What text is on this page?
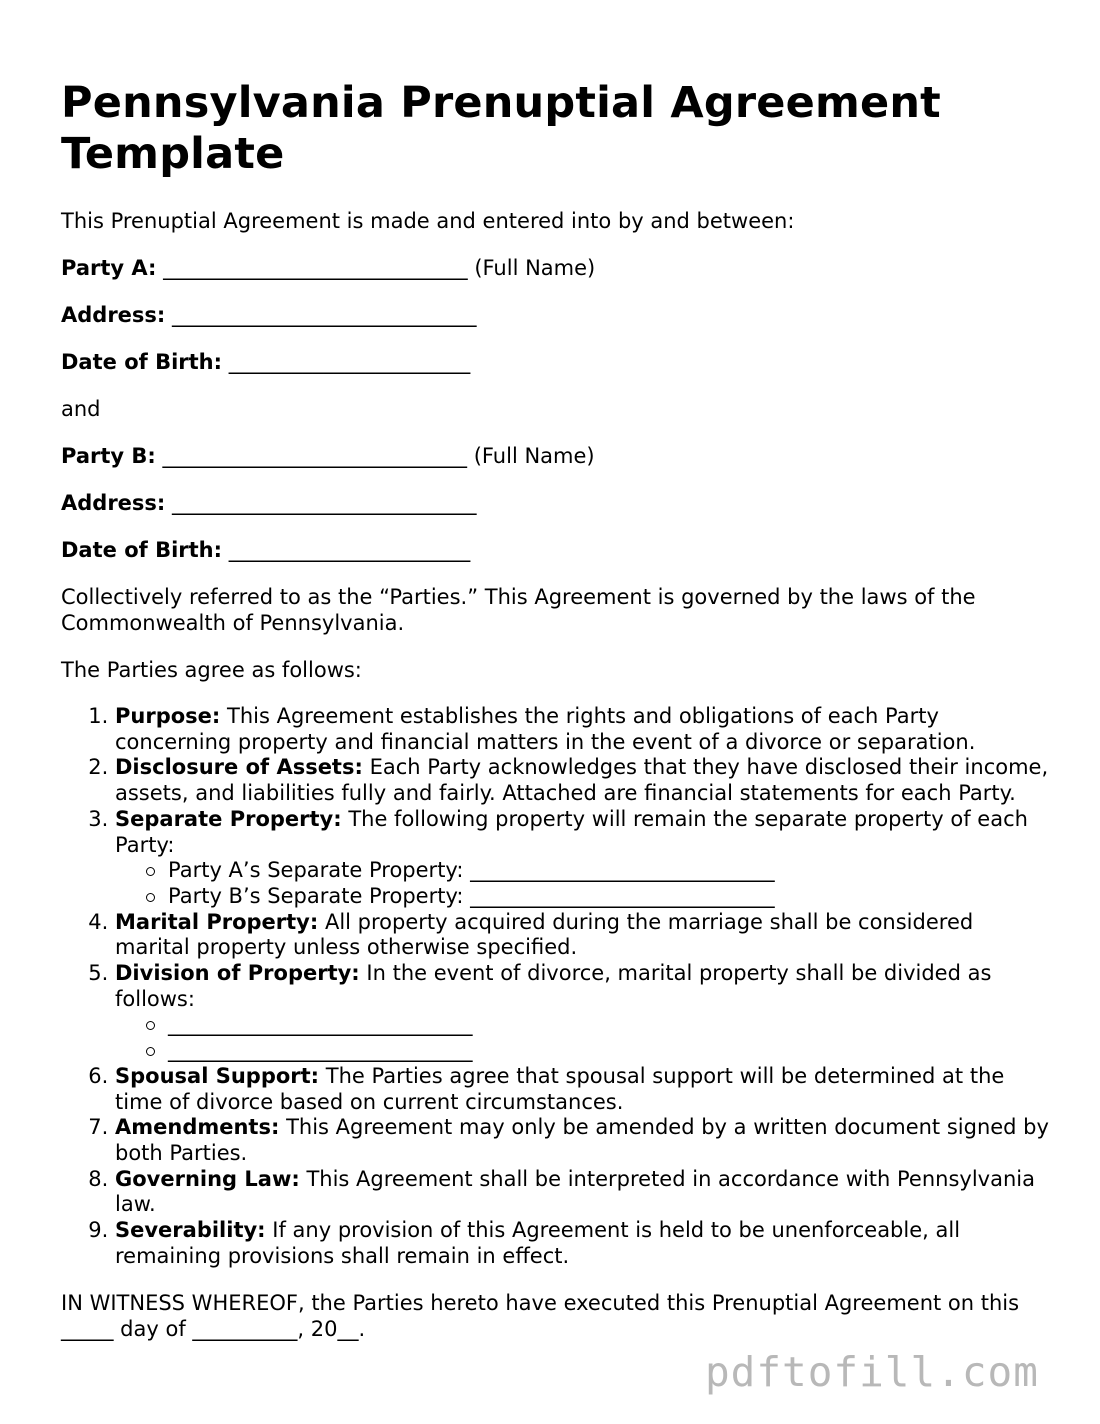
Pennsylvania Prenuptial Agreement Template

This Prenuptial Agreement is made and entered into by and between:

Party A: _____________________________ (Full Name)

Address: _____________________________

Date of Birth: _______________________

and

Party B: _____________________________ (Full Name)

Address: _____________________________

Date of Birth: _______________________

Collectively referred to as the “Parties.” This Agreement is governed by the laws of the Commonwealth of Pennsylvania.

The Parties agree as follows:

1. Purpose: This Agreement establishes the rights and obligations of each Party concerning property and financial matters in the event of a divorce or separation.
2. Disclosure of Assets: Each Party acknowledges that they have disclosed their income, assets, and liabilities fully and fairly. Attached are financial statements for each Party.
3. Separate Property: The following property will remain the separate property of each Party:
Party A’s Separate Property: _____________________________
Party B’s Separate Property: _____________________________
4. Marital Property: All property acquired during the marriage shall be considered marital property unless otherwise specified.
5. Division of Property: In the event of divorce, marital property shall be divided as follows:
_____________________________
_____________________________
6. Spousal Support: The Parties agree that spousal support will be determined at the time of divorce based on current circumstances.
7. Amendments: This Agreement may only be amended by a written document signed by both Parties.
8. Governing Law: This Agreement shall be interpreted in accordance with Pennsylvania law.
9. Severability: If any provision of this Agreement is held to be unenforceable, all remaining provisions shall remain in effect.

IN WITNESS WHEREOF, the Parties hereto have executed this Prenuptial Agreement on this _____ day of __________, 20__.

pdftofill.com
